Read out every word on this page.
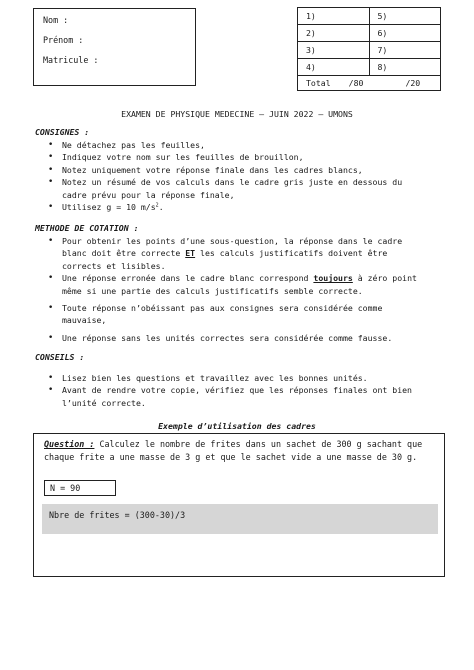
Nom :
Prénom :
Matricule :
1)	5)
2)	6)
3)	7)
4)	8)
Total /80 /20	
EXAMEN DE PHYSIQUE MEDECINE – JUIN 2022 – UMONS
CONSIGNES :
• Ne détachez pas les feuilles,
• Indiquez votre nom sur les feuilles de brouillon,
• Notez uniquement votre réponse finale dans les cadres blancs,
• Notez un résumé de vos calculs dans le cadre gris juste en dessous du cadre prévu pour la réponse finale,
• Utilisez g = 10 $m/s^2$.
METHODE DE COTATION :
• Pour obtenir les points d’une sous-question, la réponse dans le cadre blanc doit être correcte ET les calculs justificatifs doivent être corrects et lisibles.
• Une réponse erronée dans le cadre blanc correspond toujours à zéro point même si une partie des calculs justificatifs semble correcte.
• Toute réponse n’obéissant pas aux consignes sera considérée comme mauvaise,
• Une réponse sans les unités correctes sera considérée comme fausse.
CONSEILS :
• Lisez bien les questions et travaillez avec les bonnes unités.
• Avant de rendre votre copie, vérifiez que les réponses finales ont bien l’unité correcte.
Exemple d’utilisation des cadres
Question : Calculez le nombre de frites dans un sachet de 300 g sachant que chaque frite a une masse de 3 g et que le sachet vide a une masse de 30 g.
N = 90
Nbre de frites = (300-30)/3
